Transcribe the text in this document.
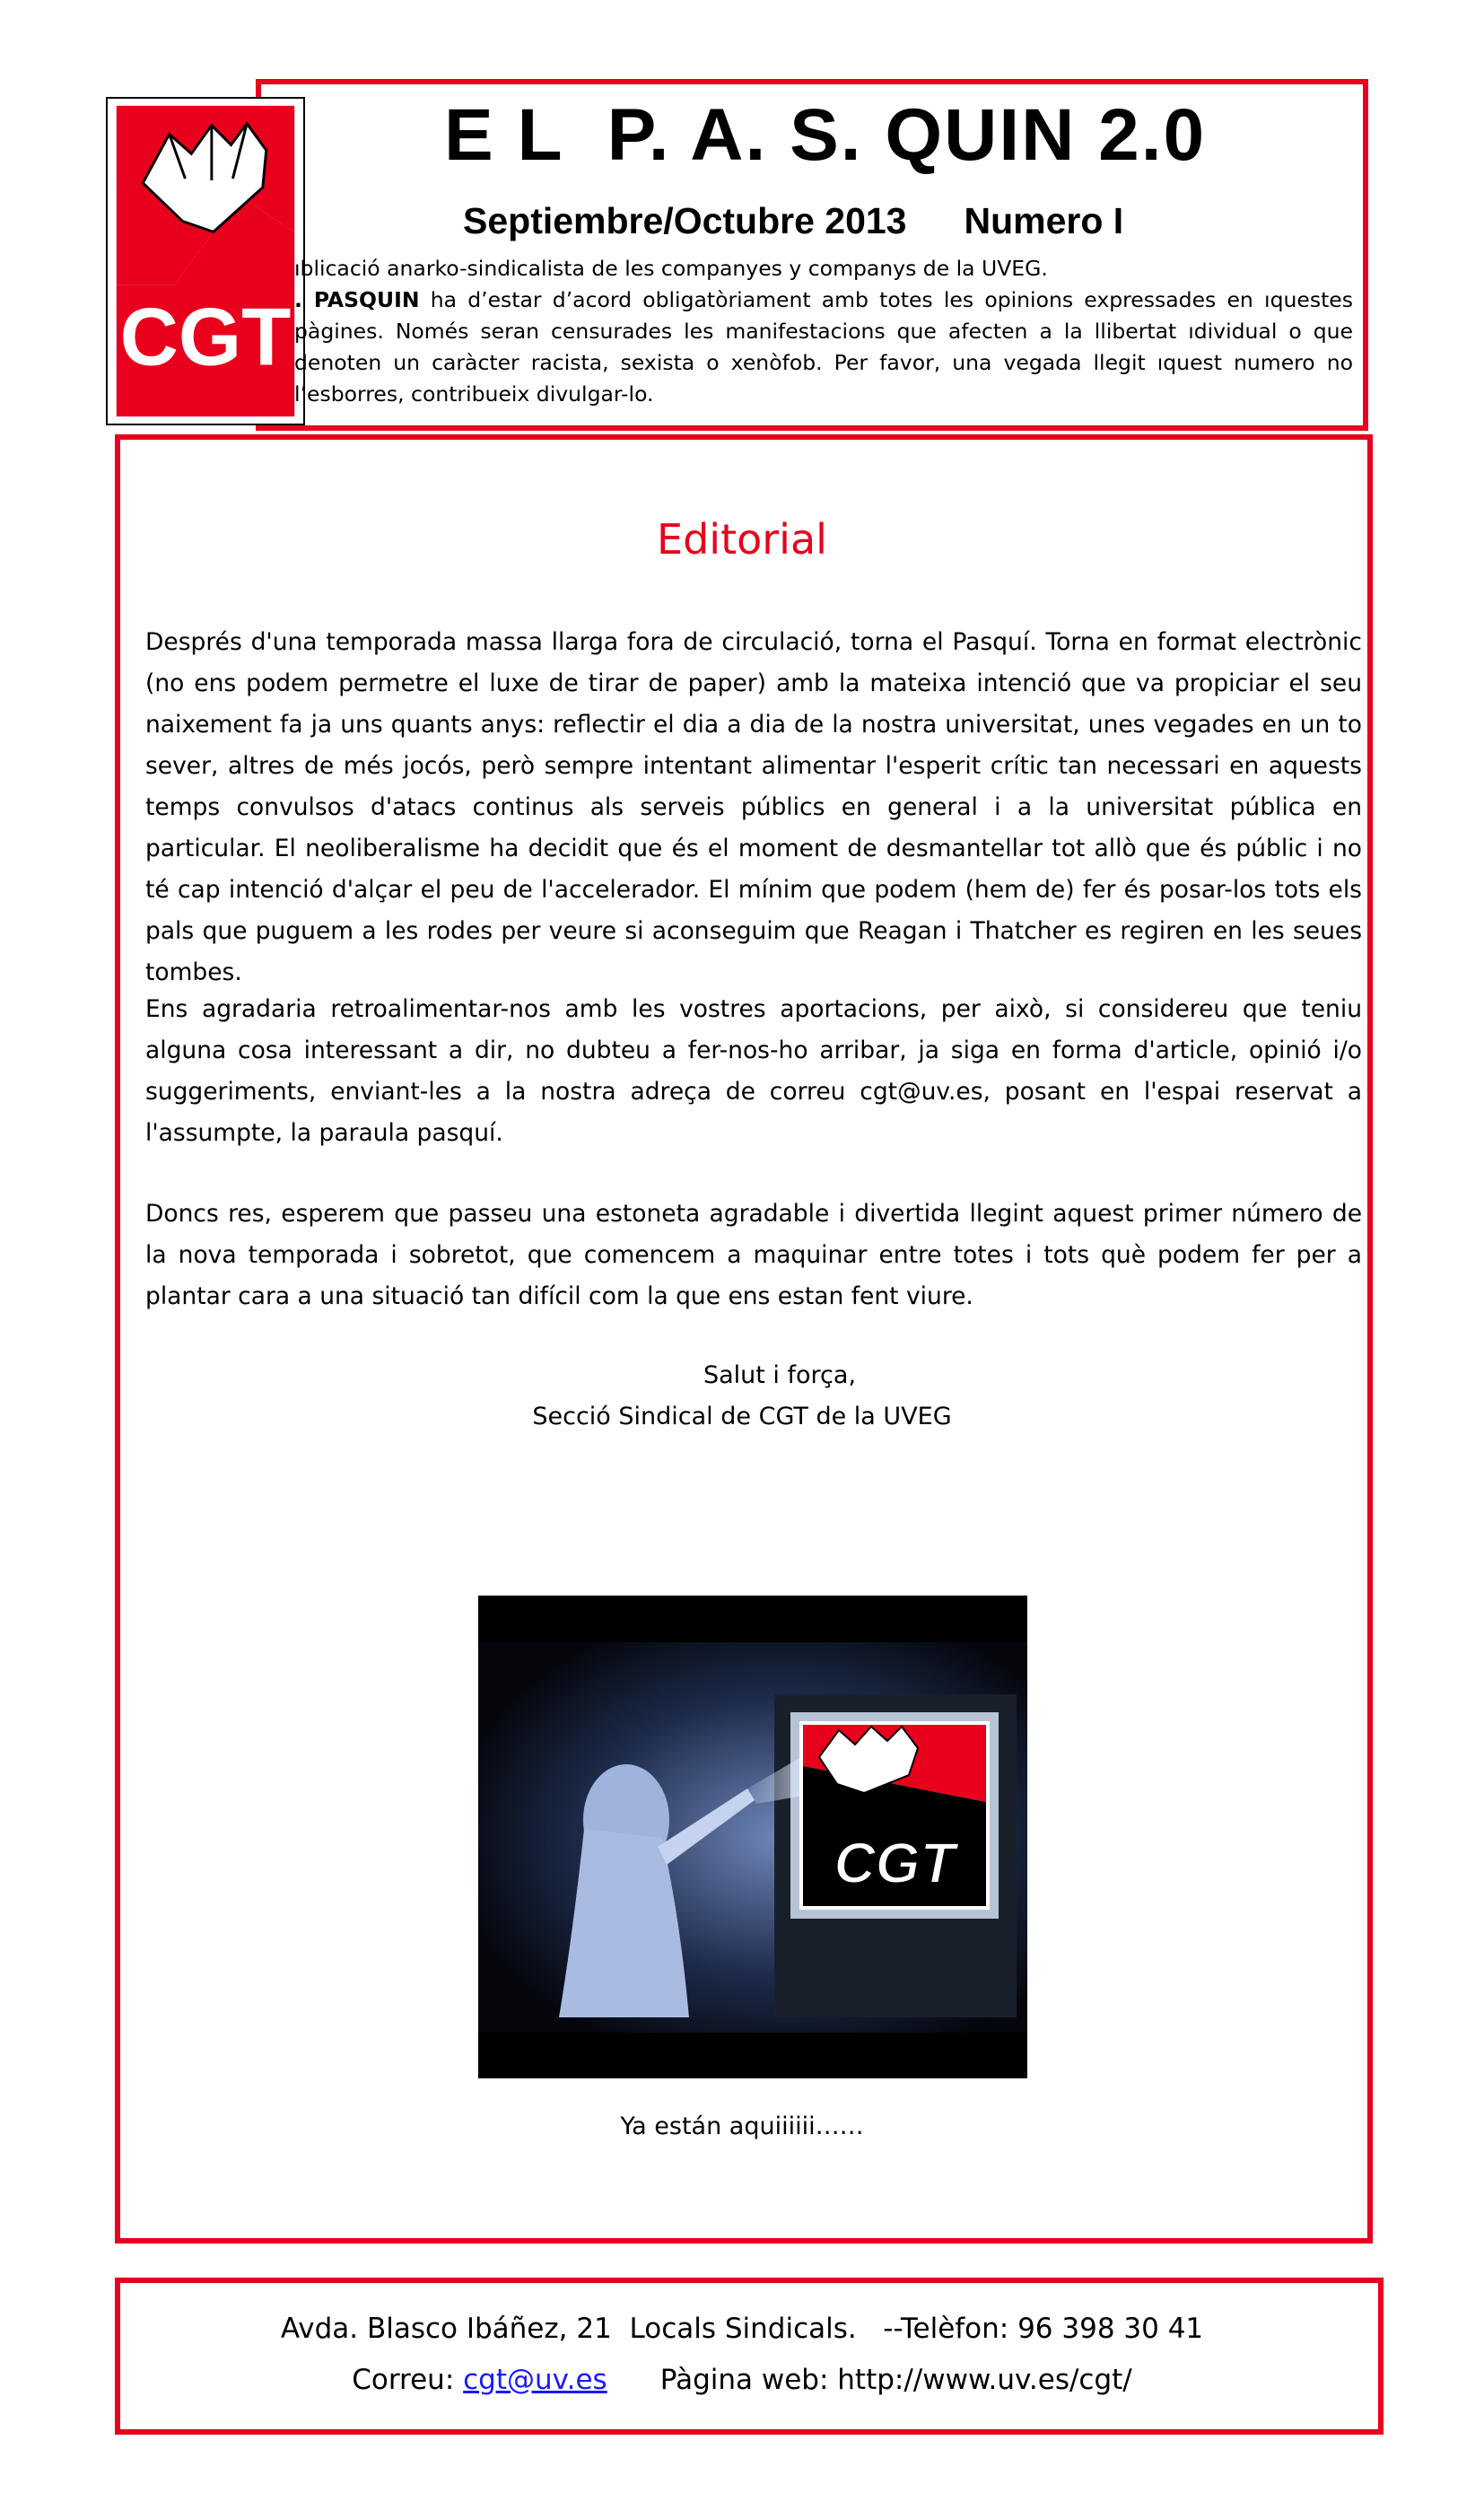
CGT
E L  P. A. S. QUIN 2.0
Septiembre/Octubre 2013 Numero I
ıblicació anarko-sindicalista de les companyes y companys de la UVEG.
. PASQUIN ha d’estar d’acord obligatòriament amb totes les opinions expressades en ıquestes pàgines. Només seran censurades les manifestacions que afecten a la llibertat ıdividual o que denoten un caràcter racista, sexista o xenòfob. Per favor, una vegada llegit ıquest numero no l’esborres, contribueix divulgar-lo.
Editorial
Després d'una temporada massa llarga fora de circulació, torna el Pasquí. Torna en format electrònic (no ens podem permetre el luxe de tirar de paper) amb la mateixa intenció que va propiciar el seu naixement fa ja uns quants anys: reflectir el dia a dia de la nostra universitat, unes vegades en un to sever, altres de més jocós, però sempre intentant alimentar l'esperit crític tan necessari en aquests temps convulsos d'atacs continus als serveis públics en general i a la universitat pública en particular. El neoliberalisme ha decidit que és el moment de desmantellar tot allò que és públic i no té cap intenció d'alçar el peu de l'accelerador. El mínim que podem (hem de) fer és posar-los tots els pals que puguem a les rodes per veure si aconseguim que Reagan i Thatcher es regiren en les seues tombes.
Ens agradaria retroalimentar-nos amb les vostres aportacions, per això, si considereu que teniu alguna cosa interessant a dir, no dubteu a fer-nos-ho arribar, ja siga en forma d'article, opinió i/o suggeriments, enviant-les a la nostra adreça de correu cgt@uv.es, posant en l'espai reservat a l'assumpte, la paraula pasquí.
Doncs res, esperem que passeu una estoneta agradable i divertida llegint aquest primer número de la nova temporada i sobretot, que comencem a maquinar entre totes i tots què podem fer per a plantar cara a una situació tan difícil com la que ens estan fent viure.
Salut i força,
Secció Sindical de CGT de la UVEG
CGT
Ya están aquiiiiii……
Avda. Blasco Ibáñez, 21  Locals Sindicals.   --Telèfon: 96 398 30 41
Correu: cgt@uv.es      Pàgina web: http://www.uv.es/cgt/
